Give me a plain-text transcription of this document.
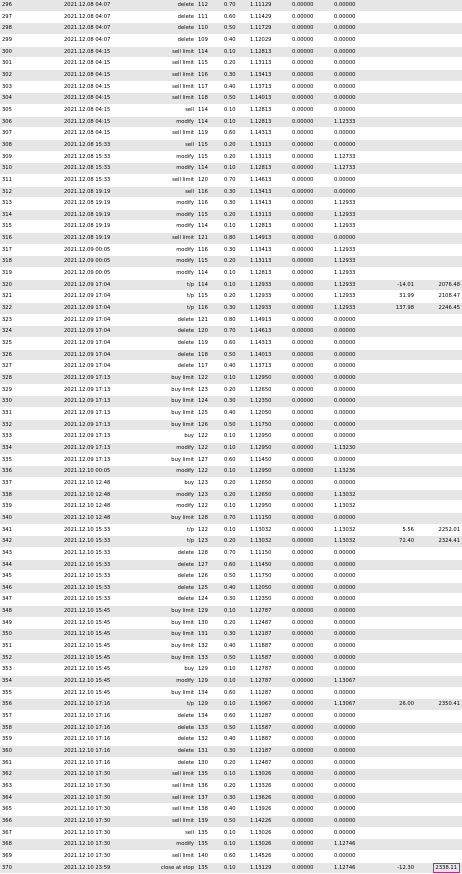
296	2021.12.08 04:07	delete	112	0.70	1.11129	0.00000	0.00000		
297	2021.12.08 04:07	delete	111	0.60	1.11429	0.00000	0.00000		
298	2021.12.08 04:07	delete	110	0.50	1.11729	0.00000	0.00000		
299	2021.12.08 04:07	delete	109	0.40	1.12029	0.00000	0.00000		
300	2021.12.08 04:15	sell limit	114	0.10	1.12813	0.00000	0.00000		
301	2021.12.08 04:15	sell limit	115	0.20	1.13113	0.00000	0.00000		
302	2021.12.08 04:15	sell limit	116	0.30	1.13413	0.00000	0.00000		
303	2021.12.08 04:15	sell limit	117	0.40	1.13713	0.00000	0.00000		
304	2021.12.08 04:15	sell limit	118	0.50	1.14013	0.00000	0.00000		
305	2021.12.08 04:15	sell	114	0.10	1.12813	0.00000	0.00000		
306	2021.12.08 04:15	modify	114	0.10	1.12813	0.00000	1.12333		
307	2021.12.08 04:15	sell limit	119	0.60	1.14313	0.00000	0.00000		
308	2021.12.08 15:33	sell	115	0.20	1.13113	0.00000	0.00000		
309	2021.12.08 15:33	modify	115	0.20	1.13113	0.00000	1.12733		
310	2021.12.08 15:33	modify	114	0.10	1.12813	0.00000	1.12733		
311	2021.12.08 15:33	sell limit	120	0.70	1.14613	0.00000	0.00000		
312	2021.12.08 19:19	sell	116	0.30	1.13413	0.00000	0.00000		
313	2021.12.08 19:19	modify	116	0.30	1.13413	0.00000	1.12933		
314	2021.12.08 19:19	modify	115	0.20	1.13113	0.00000	1.12933		
315	2021.12.08 19:19	modify	114	0.10	1.12813	0.00000	1.12933		
316	2021.12.08 19:19	sell limit	121	0.80	1.14913	0.00000	0.00000		
317	2021.12.09 00:05	modify	116	0.30	1.13413	0.00000	1.12933		
318	2021.12.09 00:05	modify	115	0.20	1.13113	0.00000	1.12933		
319	2021.12.09 00:05	modify	114	0.10	1.12813	0.00000	1.12933		
320	2021.12.09 17:04	t/p	114	0.10	1.12933	0.00000	1.12933	-14.01	2076.48
321	2021.12.09 17:04	t/p	115	0.20	1.12933	0.00000	1.12933	31.99	2108.47
322	2021.12.09 17:04	t/p	116	0.30	1.12933	0.00000	1.12933	137.98	2246.45
323	2021.12.09 17:04	delete	121	0.80	1.14913	0.00000	0.00000		
324	2021.12.09 17:04	delete	120	0.70	1.14613	0.00000	0.00000		
325	2021.12.09 17:04	delete	119	0.60	1.14313	0.00000	0.00000		
326	2021.12.09 17:04	delete	118	0.50	1.14013	0.00000	0.00000		
327	2021.12.09 17:04	delete	117	0.40	1.13713	0.00000	0.00000		
328	2021.12.09 17:13	buy limit	122	0.10	1.12950	0.00000	0.00000		
329	2021.12.09 17:13	buy limit	123	0.20	1.12650	0.00000	0.00000		
330	2021.12.09 17:13	buy limit	124	0.30	1.12350	0.00000	0.00000		
331	2021.12.09 17:13	buy limit	125	0.40	1.12050	0.00000	0.00000		
332	2021.12.09 17:13	buy limit	126	0.50	1.11750	0.00000	0.00000		
333	2021.12.09 17:13	buy	122	0.10	1.12950	0.00000	0.00000		
334	2021.12.09 17:13	modify	122	0.10	1.12950	0.00000	1.13230		
335	2021.12.09 17:13	buy limit	127	0.60	1.11450	0.00000	0.00000		
336	2021.12.10 00:05	modify	122	0.10	1.12950	0.00000	1.13236		
337	2021.12.10 12:48	buy	123	0.20	1.12650	0.00000	0.00000		
338	2021.12.10 12:48	modify	123	0.20	1.12650	0.00000	1.13032		
339	2021.12.10 12:48	modify	122	0.10	1.12950	0.00000	1.13032		
340	2021.12.10 12:48	buy limit	128	0.70	1.11150	0.00000	0.00000		
341	2021.12.10 15:33	t/p	122	0.10	1.13032	0.00000	1.13032	5.56	2252.01
342	2021.12.10 15:33	t/p	123	0.20	1.13032	0.00000	1.13032	72.40	2324.41
343	2021.12.10 15:33	delete	128	0.70	1.11150	0.00000	0.00000		
344	2021.12.10 15:33	delete	127	0.60	1.11450	0.00000	0.00000		
345	2021.12.10 15:33	delete	126	0.50	1.11750	0.00000	0.00000		
346	2021.12.10 15:33	delete	125	0.40	1.12050	0.00000	0.00000		
347	2021.12.10 15:33	delete	124	0.30	1.12350	0.00000	0.00000		
348	2021.12.10 15:45	buy limit	129	0.10	1.12787	0.00000	0.00000		
349	2021.12.10 15:45	buy limit	130	0.20	1.12487	0.00000	0.00000		
350	2021.12.10 15:45	buy limit	131	0.30	1.12187	0.00000	0.00000		
351	2021.12.10 15:45	buy limit	132	0.40	1.11887	0.00000	0.00000		
352	2021.12.10 15:45	buy limit	133	0.50	1.11587	0.00000	0.00000		
353	2021.12.10 15:45	buy	129	0.10	1.12787	0.00000	0.00000		
354	2021.12.10 15:45	modify	129	0.10	1.12787	0.00000	1.13067		
355	2021.12.10 15:45	buy limit	134	0.60	1.11287	0.00000	0.00000		
356	2021.12.10 17:16	t/p	129	0.10	1.13067	0.00000	1.13067	26.00	2350.41
357	2021.12.10 17:16	delete	134	0.60	1.11287	0.00000	0.00000		
358	2021.12.10 17:16	delete	133	0.50	1.11587	0.00000	0.00000		
359	2021.12.10 17:16	delete	132	0.40	1.11887	0.00000	0.00000		
360	2021.12.10 17:16	delete	131	0.30	1.12187	0.00000	0.00000		
361	2021.12.10 17:16	delete	130	0.20	1.12487	0.00000	0.00000		
362	2021.12.10 17:30	sell limit	135	0.10	1.13026	0.00000	0.00000		
363	2021.12.10 17:30	sell limit	136	0.20	1.13326	0.00000	0.00000		
364	2021.12.10 17:30	sell limit	137	0.30	1.13626	0.00000	0.00000		
365	2021.12.10 17:30	sell limit	138	0.40	1.13926	0.00000	0.00000		
366	2021.12.10 17:30	sell limit	139	0.50	1.14226	0.00000	0.00000		
367	2021.12.10 17:30	sell	135	0.10	1.13026	0.00000	0.00000		
368	2021.12.10 17:30	modify	135	0.10	1.13026	0.00000	1.12746		
369	2021.12.10 17:30	sell limit	140	0.60	1.14526	0.00000	0.00000		
370	2021.12.10 23:59	close at stop	135	0.10	1.13129	0.00000	1.12746	-12.30	2338.11
